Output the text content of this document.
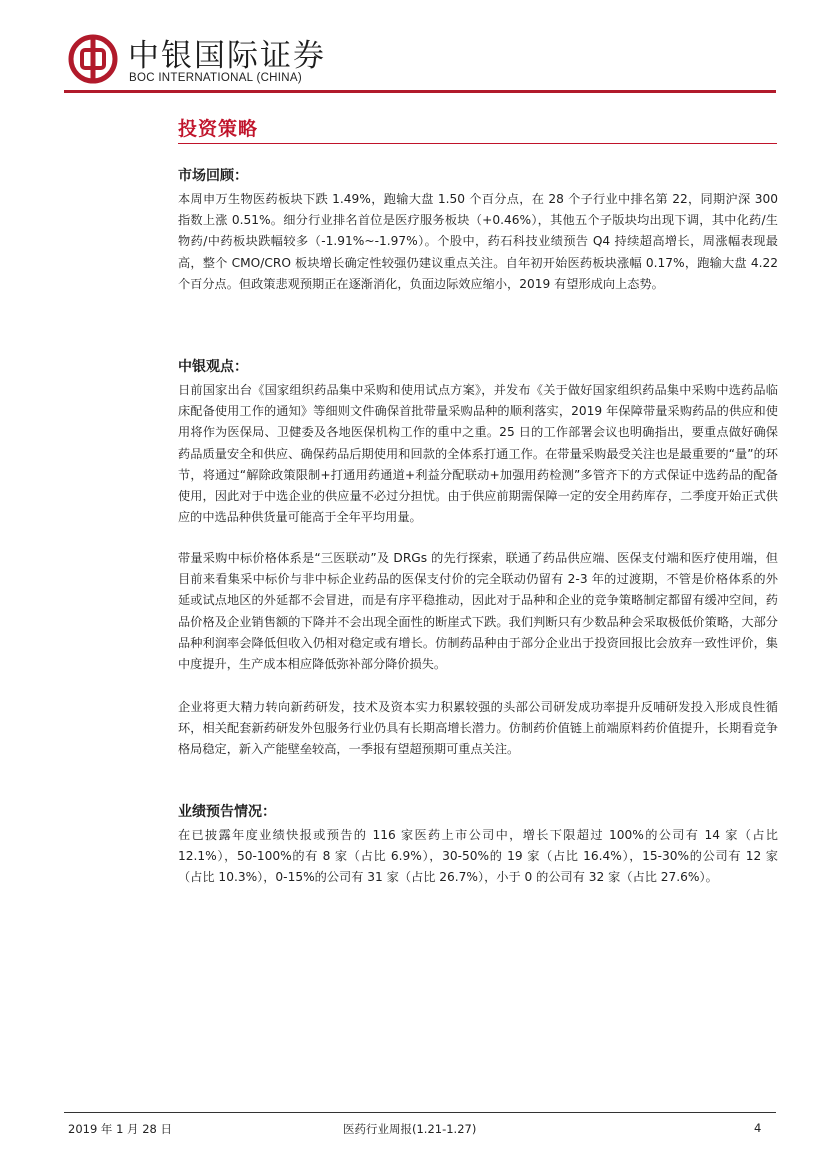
中银国际证券
BOC INTERNATIONAL (CHINA)
投资策略
市场回顾：

本周申万生物医药板块下跌 1.49%，跑输大盘 1.50 个百分点，在 28 个子行业中排名第 22，同期沪深 300 指数上涨 0.51%。细分行业排名首位是医疗服务板块（+0.46%），其他五个子版块均出现下调，其中化药/生物药/中药板块跌幅较多（-1.91%~-1.97%）。个股中，药石科技业绩预告 Q4 持续超高增长，周涨幅表现最高，整个 CMO/CRO 板块增长确定性较强仍建议重点关注。自年初开始医药板块涨幅 0.17%，跑输大盘 4.22 个百分点。但政策悲观预期正在逐渐消化，负面边际效应缩小，2019 有望形成向上态势。

中银观点：

日前国家出台《国家组织药品集中采购和使用试点方案》，并发布《关于做好国家组织药品集中采购中选药品临床配备使用工作的通知》等细则文件确保首批带量采购品种的顺利落实，2019 年保障带量采购药品的供应和使用将作为医保局、卫健委及各地医保机构工作的重中之重。25 日的工作部署会议也明确指出，要重点做好确保药品质量安全和供应、确保药品后期使用和回款的全体系打通工作。在带量采购最受关注也是最重要的“量”的环节，将通过“解除政策限制+打通用药通道+利益分配联动+加强用药检测”多管齐下的方式保证中选药品的配备使用，因此对于中选企业的供应量不必过分担忧。由于供应前期需保障一定的安全用药库存，二季度开始正式供应的中选品种供货量可能高于全年平均用量。

带量采购中标价格体系是“三医联动”及 DRGs 的先行探索，联通了药品供应端、医保支付端和医疗使用端，但目前来看集采中标价与非中标企业药品的医保支付价的完全联动仍留有 2-3 年的过渡期，不管是价格体系的外延或试点地区的外延都不会冒进，而是有序平稳推动，因此对于品种和企业的竞争策略制定都留有缓冲空间，药品价格及企业销售额的下降并不会出现全面性的断崖式下跌。我们判断只有少数品种会采取极低价策略，大部分品种利润率会降低但收入仍相对稳定或有增长。仿制药品种由于部分企业出于投资回报比会放弃一致性评价，集中度提升，生产成本相应降低弥补部分降价损失。

企业将更大精力转向新药研发，技术及资本实力积累较强的头部公司研发成功率提升反哺研发投入形成良性循环，相关配套新药研发外包服务行业仍具有长期高增长潜力。仿制药价值链上前端原料药价值提升，长期看竞争格局稳定，新入产能壁垒较高，一季报有望超预期可重点关注。

业绩预告情况：

在已披露年度业绩快报或预告的 116 家医药上市公司中，增长下限超过 100%的公司有 14 家（占比 12.1%），50-100%的有 8 家（占比 6.9%），30-50%的 19 家（占比 16.4%），15-30%的公司有 12 家（占比 10.3%），0-15%的公司有 31 家（占比 26.7%），小于 0 的公司有 32 家（占比 27.6%）。

2019 年 1 月 28 日	医药行业周报(1.21-1.27)	4
